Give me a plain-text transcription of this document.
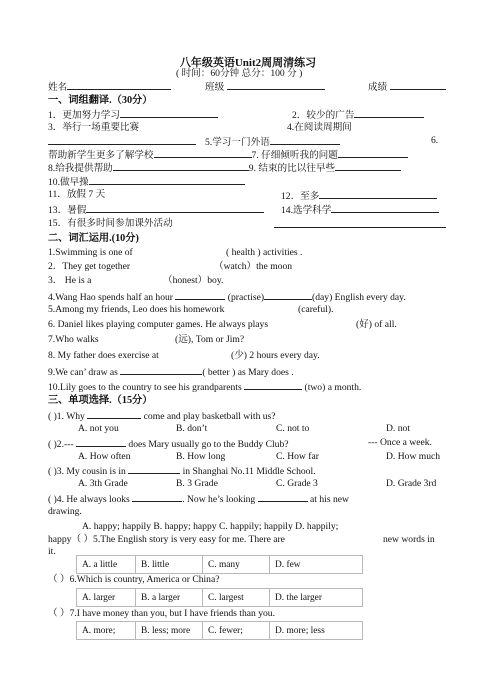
八年级英语Unit2周周清练习
( 时间：60分钟 总分：100 分 )
姓名	班级	成绩
一、词组翻译.（30分）
1．更加努力学习	2．较少的广告
3．举行一场重要比赛	4.在阅读周期间
5.学习一门外语	6.
帮助新学生更多了解学校	7. 仔细倾听我的问题
8.给我提供帮助	9. 结束的比以往早些
10.做早操
11．放假 7 天	12．至多
13．暑假	14.选学科学
15．有很多时间参加课外活动
二、词汇运用.(10分)
1.Swimming is one of	( health ) activities .
2．They get together	（watch）the moon
3． He is a	（honest）boy.
4.Wang Hao spends half an hour	(practise)	(day) English every day.
5.Among my friends, Leo does his homework	(careful).
6. Daniel likes playing computer games. He always plays	(好) of all.
7.Who walks	(远), Tom or Jim?
8. My father does exercise at	(少) 2 hours every day.
9.We can’ draw as	( better ) as Mary does .
10.Lily goes to the country to see his grandparents	(two) a month.
三、单项选择.（15分）
( )1. Why	come and play basketball with us?
A. not you	B. don’t	C. not to	D. not
( )2.---	does Mary usually go to the Buddy Club?	--- Once a week.
A. How often	B. How long	C. How far	D. How much
( )3. My cousin is in	in Shanghai No.11 Middle School.
A. 3th Grade	B. 3 Grade	C. Grade 3	D. Grade 3rd
( )4. He always looks	. Now he’s looking	at his new
drawing.
A. happy; happily B. happy; happy C. happily; happily D. happily;
happy（ ）5.The English story is very easy for me. There are	new words in
it.
A. a little	B. little	C. many	D. few
（ ）6.Which is country, America or China?
A. larger	B. a larger	C. largest	D. the larger
（ ）7.I have money than you, but I have friends than you.
A. more;	B. less; more	C. fewer;	D. more; less
